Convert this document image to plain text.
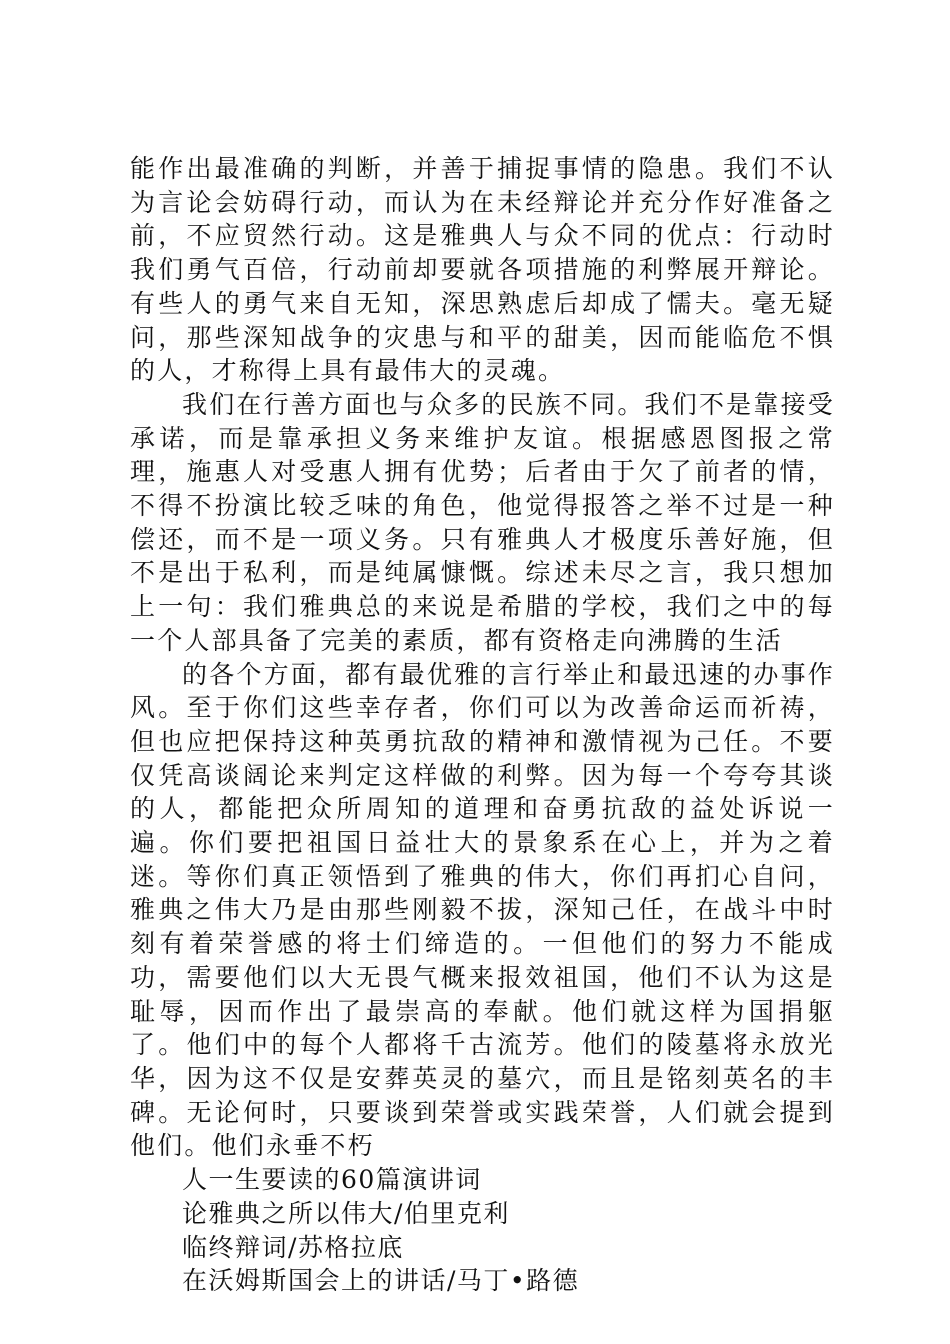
能作出最准确的判断，并善于捕捉事情的隐患。我们不认为言论会妨碍行动，而认为在未经辩论并充分作好准备之前，不应贸然行动。这是雅典人与众不同的优点：行动时我们勇气百倍，行动前却要就各项措施的利弊展开辩论。有些人的勇气来自无知，深思熟虑后却成了懦夫。毫无疑问，那些深知战争的灾患与和平的甜美，因而能临危不惧的人，才称得上具有最伟大的灵魂。

我们在行善方面也与众多的民族不同。我们不是靠接受承诺，而是靠承担义务来维护友谊。根据感恩图报之常理，施惠人对受惠人拥有优势；后者由于欠了前者的情，不得不扮演比较乏味的角色，他觉得报答之举不过是一种偿还，而不是一项义务。只有雅典人才极度乐善好施，但不是出于私利，而是纯属慷慨。综述未尽之言，我只想加上一句：我们雅典总的来说是希腊的学校，我们之中的每一个人部具备了完美的素质，都有资格走向沸腾的生活

的各个方面，都有最优雅的言行举止和最迅速的办事作风。至于你们这些幸存者，你们可以为改善命运而祈祷，但也应把保持这种英勇抗敌的精神和激情视为己任。不要仅凭高谈阔论来判定这样做的利弊。因为每一个夸夸其谈的人，都能把众所周知的道理和奋勇抗敌的益处诉说一遍。你们要把祖国日益壮大的景象系在心上，并为之着迷。等你们真正领悟到了雅典的伟大，你们再扪心自问，雅典之伟大乃是由那些刚毅不拔，深知己任，在战斗中时刻有着荣誉感的将士们缔造的。一但他们的努力不能成功，需要他们以大无畏气概来报效祖国，他们不认为这是耻辱，因而作出了最崇高的奉献。他们就这样为国捐躯了。他们中的每个人都将千古流芳。他们的陵墓将永放光华，因为这不仅是安葬英灵的墓穴，而且是铭刻英名的丰碑。无论何时，只要谈到荣誉或实践荣誉，人们就会提到他们。他们永垂不朽

人一生要读的60篇演讲词

论雅典之所以伟大/伯里克利

临终辩词/苏格拉底

在沃姆斯国会上的讲话/马丁•路德
